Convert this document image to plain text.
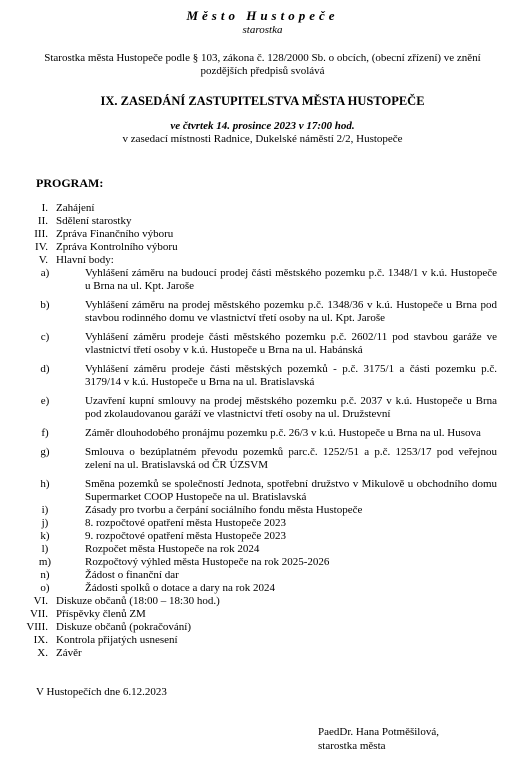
Město Hustopeče
starostka
Starostka města Hustopeče podle § 103, zákona č. 128/2000 Sb. o obcích, (obecní zřízení) ve znění pozdějších předpisů svolává
IX. ZASEDÁNÍ ZASTUPITELSTVA MĚSTA HUSTOPEČE
ve čtvrtek 14. prosince 2023 v 17:00 hod.
v zasedací místnosti Radnice, Dukelské náměstí 2/2, Hustopeče
PROGRAM:
I. Zahájení
II. Sdělení starostky
III. Zpráva Finančního výboru
IV. Zpráva Kontrolního výboru
V. Hlavní body:
a)	Vyhlášení záměru na budoucí prodej části městského pozemku p.č. 1348/1 v k.ú. Hustopeče u Brna na ul. Kpt. Jaroše
b)	Vyhlášení záměru na prodej městského pozemku p.č. 1348/36 v k.ú. Hustopeče u Brna pod stavbou rodinného domu ve vlastnictví třetí osoby na ul. Kpt. Jaroše
c)	Vyhlášení záměru prodeje části městského pozemku p.č. 2602/11 pod stavbou garáže ve vlastnictví třetí osoby v k.ú. Hustopeče u Brna na ul. Habánská
d)	Vyhlášení záměru prodeje části městských pozemků - p.č. 3175/1 a části pozemku p.č. 3179/14 v k.ú. Hustopeče u Brna na ul. Bratislavská
e)	Uzavření kupní smlouvy na prodej městského pozemku p.č. 2037 v k.ú. Hustopeče u Brna pod zkolaudovanou garáží ve vlastnictví třetí osoby na ul. Družstevní
f)	Záměr dlouhodobého pronájmu pozemku p.č. 26/3 v k.ú. Hustopeče u Brna na ul. Husova
g)	Smlouva o bezúplatném převodu pozemků parc.č. 1252/51 a p.č. 1253/17 pod veřejnou zelení na ul. Bratislavská od ČR ÚZSVM
h)	Směna pozemků se společností Jednota, spotřební družstvo v Mikulově u obchodního domu Supermarket COOP Hustopeče na ul. Bratislavská
i)	Zásady pro tvorbu a čerpání sociálního fondu města Hustopeče
j)	8. rozpočtové opatření města Hustopeče 2023
k)	9. rozpočtové opatření města Hustopeče 2023
l)	Rozpočet města Hustopeče na rok 2024
m)	Rozpočtový výhled města Hustopeče na rok 2025-2026
n)	Žádost o finanční dar
o)	Žádosti spolků o dotace a dary na rok 2024
VI. Diskuze občanů (18:00 – 18:30 hod.)
VII. Příspěvky členů ZM
VIII. Diskuze občanů (pokračování)
IX. Kontrola přijatých usnesení
X. Závěr
V Hustopečích dne 6.12.2023
PaedDr. Hana Potměšilová,
starostka města
